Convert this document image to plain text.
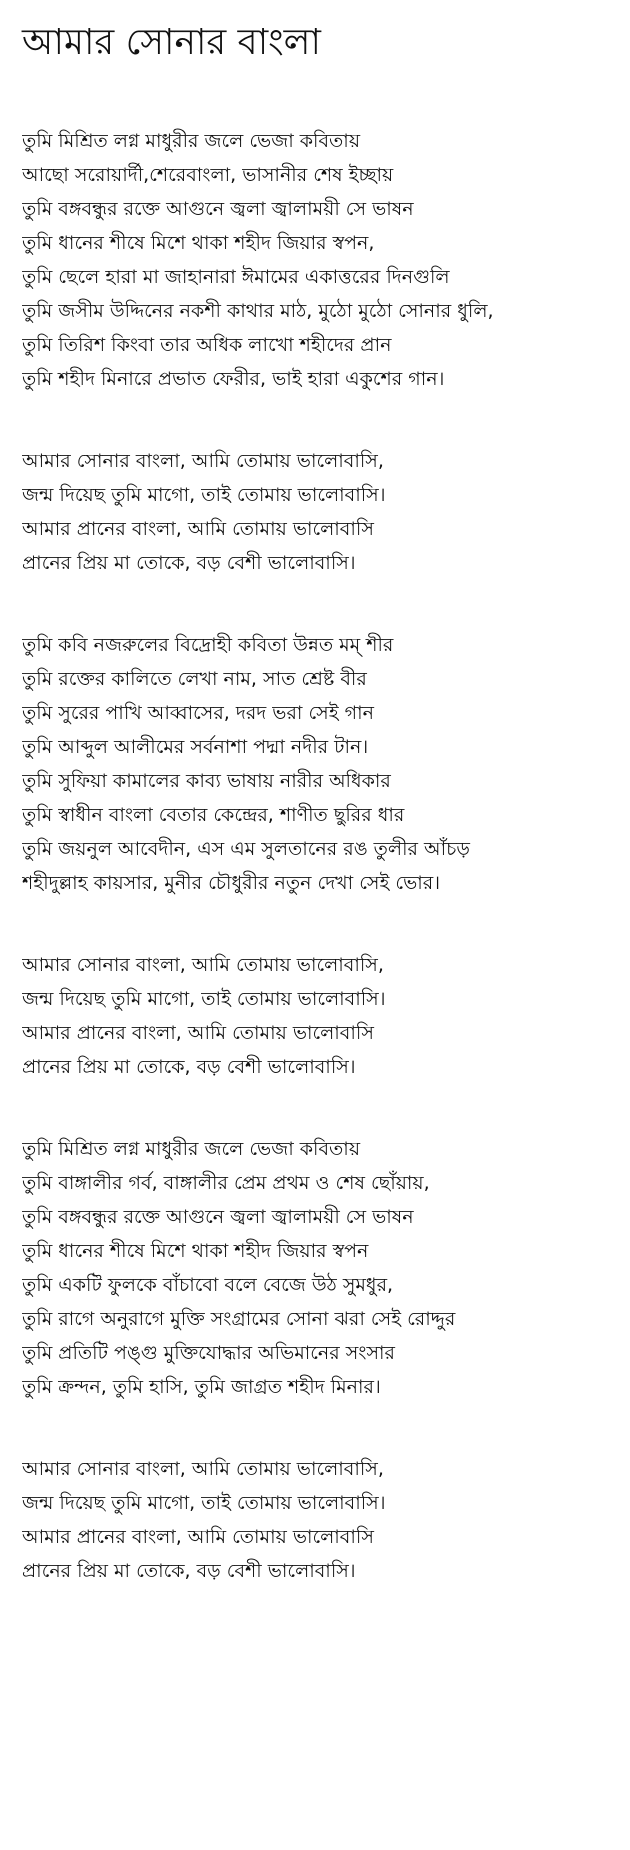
আমার সোনার বাংলা
তুমি মিশ্রিত লগ্ন মাধুরীর জলে ভেজা কবিতায়
আছো সরোয়ার্দী,শেরেবাংলা, ভাসানীর শেষ ইচ্ছায়
তুমি বঙ্গবন্ধুর রক্তে আগুনে জ্বলা জ্বালাময়ী সে ভাষন
তুমি ধানের শীষে মিশে থাকা শহীদ জিয়ার স্বপন,
তুমি ছেলে হারা মা জাহানারা ঈমামের একাত্তরের দিনগুলি
তুমি জসীম উদ্দিনের নকশী কাথার মাঠ, মুঠো মুঠো সোনার ধুলি,
তুমি তিরিশ কিংবা তার অধিক লাখো শহীদের প্রান
তুমি শহীদ মিনারে প্রভাত ফেরীর, ভাই হারা একুশের গান।
আমার সোনার বাংলা, আমি তোমায় ভালোবাসি,
জন্ম দিয়েছ তুমি মাগো, তাই তোমায় ভালোবাসি।
আমার প্রানের বাংলা, আমি তোমায় ভালোবাসি
প্রানের প্রিয় মা তোকে, বড় বেশী ভালোবাসি।
তুমি কবি নজরুলের বিদ্রোহী কবিতা উন্নত মম্ শীর
তুমি রক্তের কালিতে লেখা নাম, সাত শ্রেষ্ট বীর
তুমি সুরের পাখি আব্বাসের, দরদ ভরা সেই গান
তুমি আব্দুল আলীমের সর্বনাশা পদ্মা নদীর টান।
তুমি সুফিয়া কামালের কাব্য ভাষায় নারীর অধিকার
তুমি স্বাধীন বাংলা বেতার কেন্দ্রের, শাণীত ছুরির ধার
তুমি জয়নুল আবেদীন, এস এম সুলতানের রঙ তুলীর আঁচড়
শহীদুল্লাহ কায়সার, মুনীর চৌধুরীর নতুন দেখা সেই ভোর।
আমার সোনার বাংলা, আমি তোমায় ভালোবাসি,
জন্ম দিয়েছ তুমি মাগো, তাই তোমায় ভালোবাসি।
আমার প্রানের বাংলা, আমি তোমায় ভালোবাসি
প্রানের প্রিয় মা তোকে, বড় বেশী ভালোবাসি।
তুমি মিশ্রিত লগ্ন মাধুরীর জলে ভেজা কবিতায়
তুমি বাঙ্গালীর গর্ব, বাঙ্গালীর প্রেম প্রথম ও শেষ ছোঁয়ায়,
তুমি বঙ্গবন্ধুর রক্তে আগুনে জ্বলা জ্বালাময়ী সে ভাষন
তুমি ধানের শীষে মিশে থাকা শহীদ জিয়ার স্বপন
তুমি একটি ফুলকে বাঁচাবো বলে বেজে উঠ সুমধুর,
তুমি রাগে অনুরাগে মুক্তি সংগ্রামের সোনা ঝরা সেই রোদ্দুর
তুমি প্রতিটি পঙ্গু মুক্তিযোদ্ধার অভিমানের সংসার
তুমি ক্রন্দন, তুমি হাসি, তুমি জাগ্রত শহীদ মিনার।
আমার সোনার বাংলা, আমি তোমায় ভালোবাসি,
জন্ম দিয়েছ তুমি মাগো, তাই তোমায় ভালোবাসি।
আমার প্রানের বাংলা, আমি তোমায় ভালোবাসি
প্রানের প্রিয় মা তোকে, বড় বেশী ভালোবাসি।
